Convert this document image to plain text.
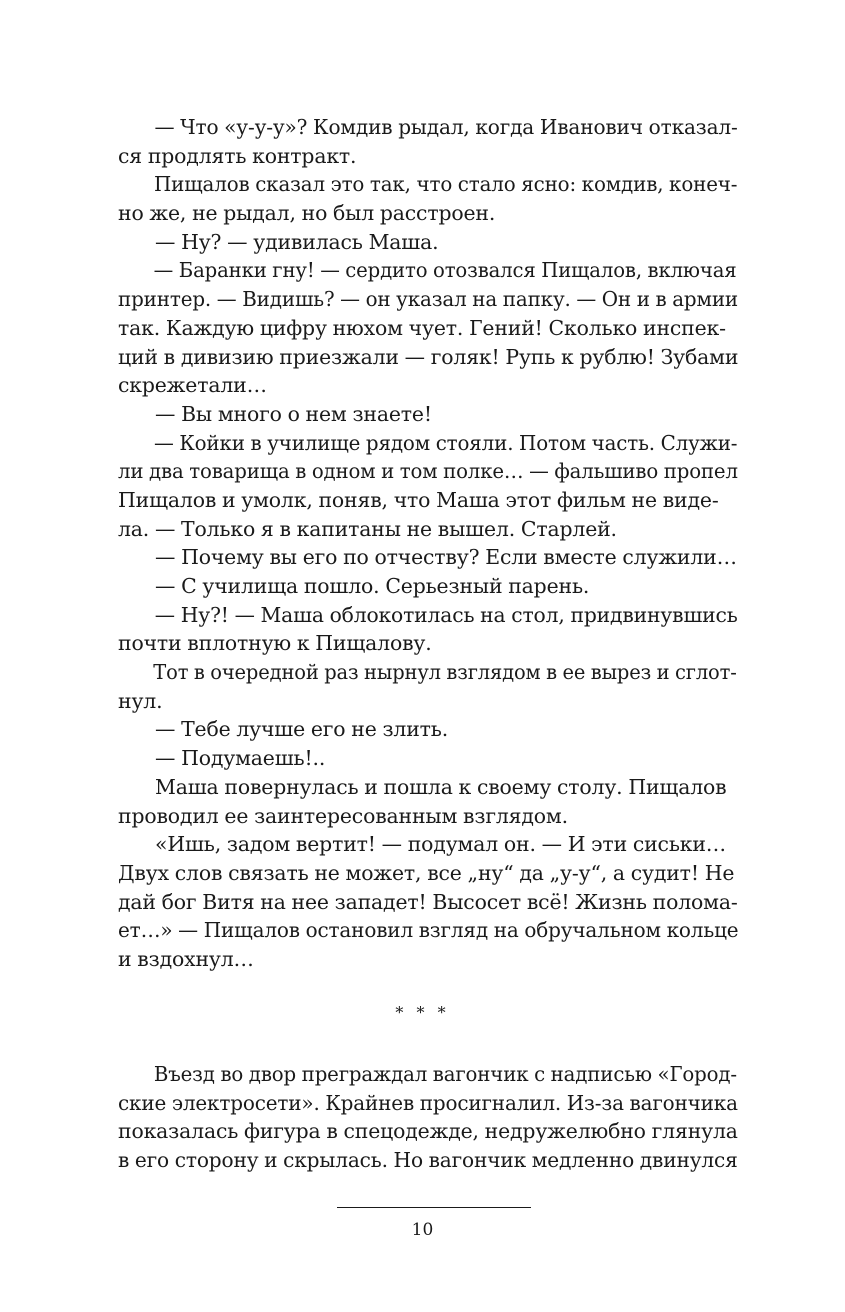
— Что «у-у-у»? Комдив рыдал, когда Иванович отказал-
ся продлять контракт.
Пищалов сказал это так, что стало ясно: комдив, конеч-
но же, не рыдал, но был расстроен.
— Ну? — удивилась Маша.
— Баранки гну! — сердито отозвался Пищалов, включая
принтер. — Видишь? — он указал на папку. — Он и в армии
так. Каждую цифру нюхом чует. Гений! Сколько инспек-
ций в дивизию приезжали — голяк! Рупь к рублю! Зубами
скрежетали…
— Вы много о нем знаете!
— Койки в училище рядом стояли. Потом часть. Служи-
ли два товарища в одном и том полке… — фальшиво пропел
Пищалов и умолк, поняв, что Маша этот фильм не виде-
ла. — Только я в капитаны не вышел. Старлей.
— Почему вы его по отчеству? Если вместе служили…
— С училища пошло. Серьезный парень.
— Ну?! — Маша облокотилась на стол, придвинувшись
почти вплотную к Пищалову.
Тот в очередной раз нырнул взглядом в ее вырез и сглот-
нул.
— Тебе лучше его не злить.
— Подумаешь!..
Маша повернулась и пошла к своему столу. Пищалов
проводил ее заинтересованным взглядом.
«Ишь, задом вертит! — подумал он. — И эти сиськи…
Двух слов связать не может, все „ну“ да „у-у“, а судит! Не
дай бог Витя на нее западет! Высосет всё! Жизнь полома-
ет…» — Пищалов остановил взгляд на обручальном кольце
и вздохнул…
* * *
Въезд во двор преграждал вагончик с надписью «Город-
ские электросети». Крайнев просигналил. Из-за вагончика
показалась фигура в спецодежде, недружелюбно глянула
в его сторону и скрылась. Но вагончик медленно двинулся
10
